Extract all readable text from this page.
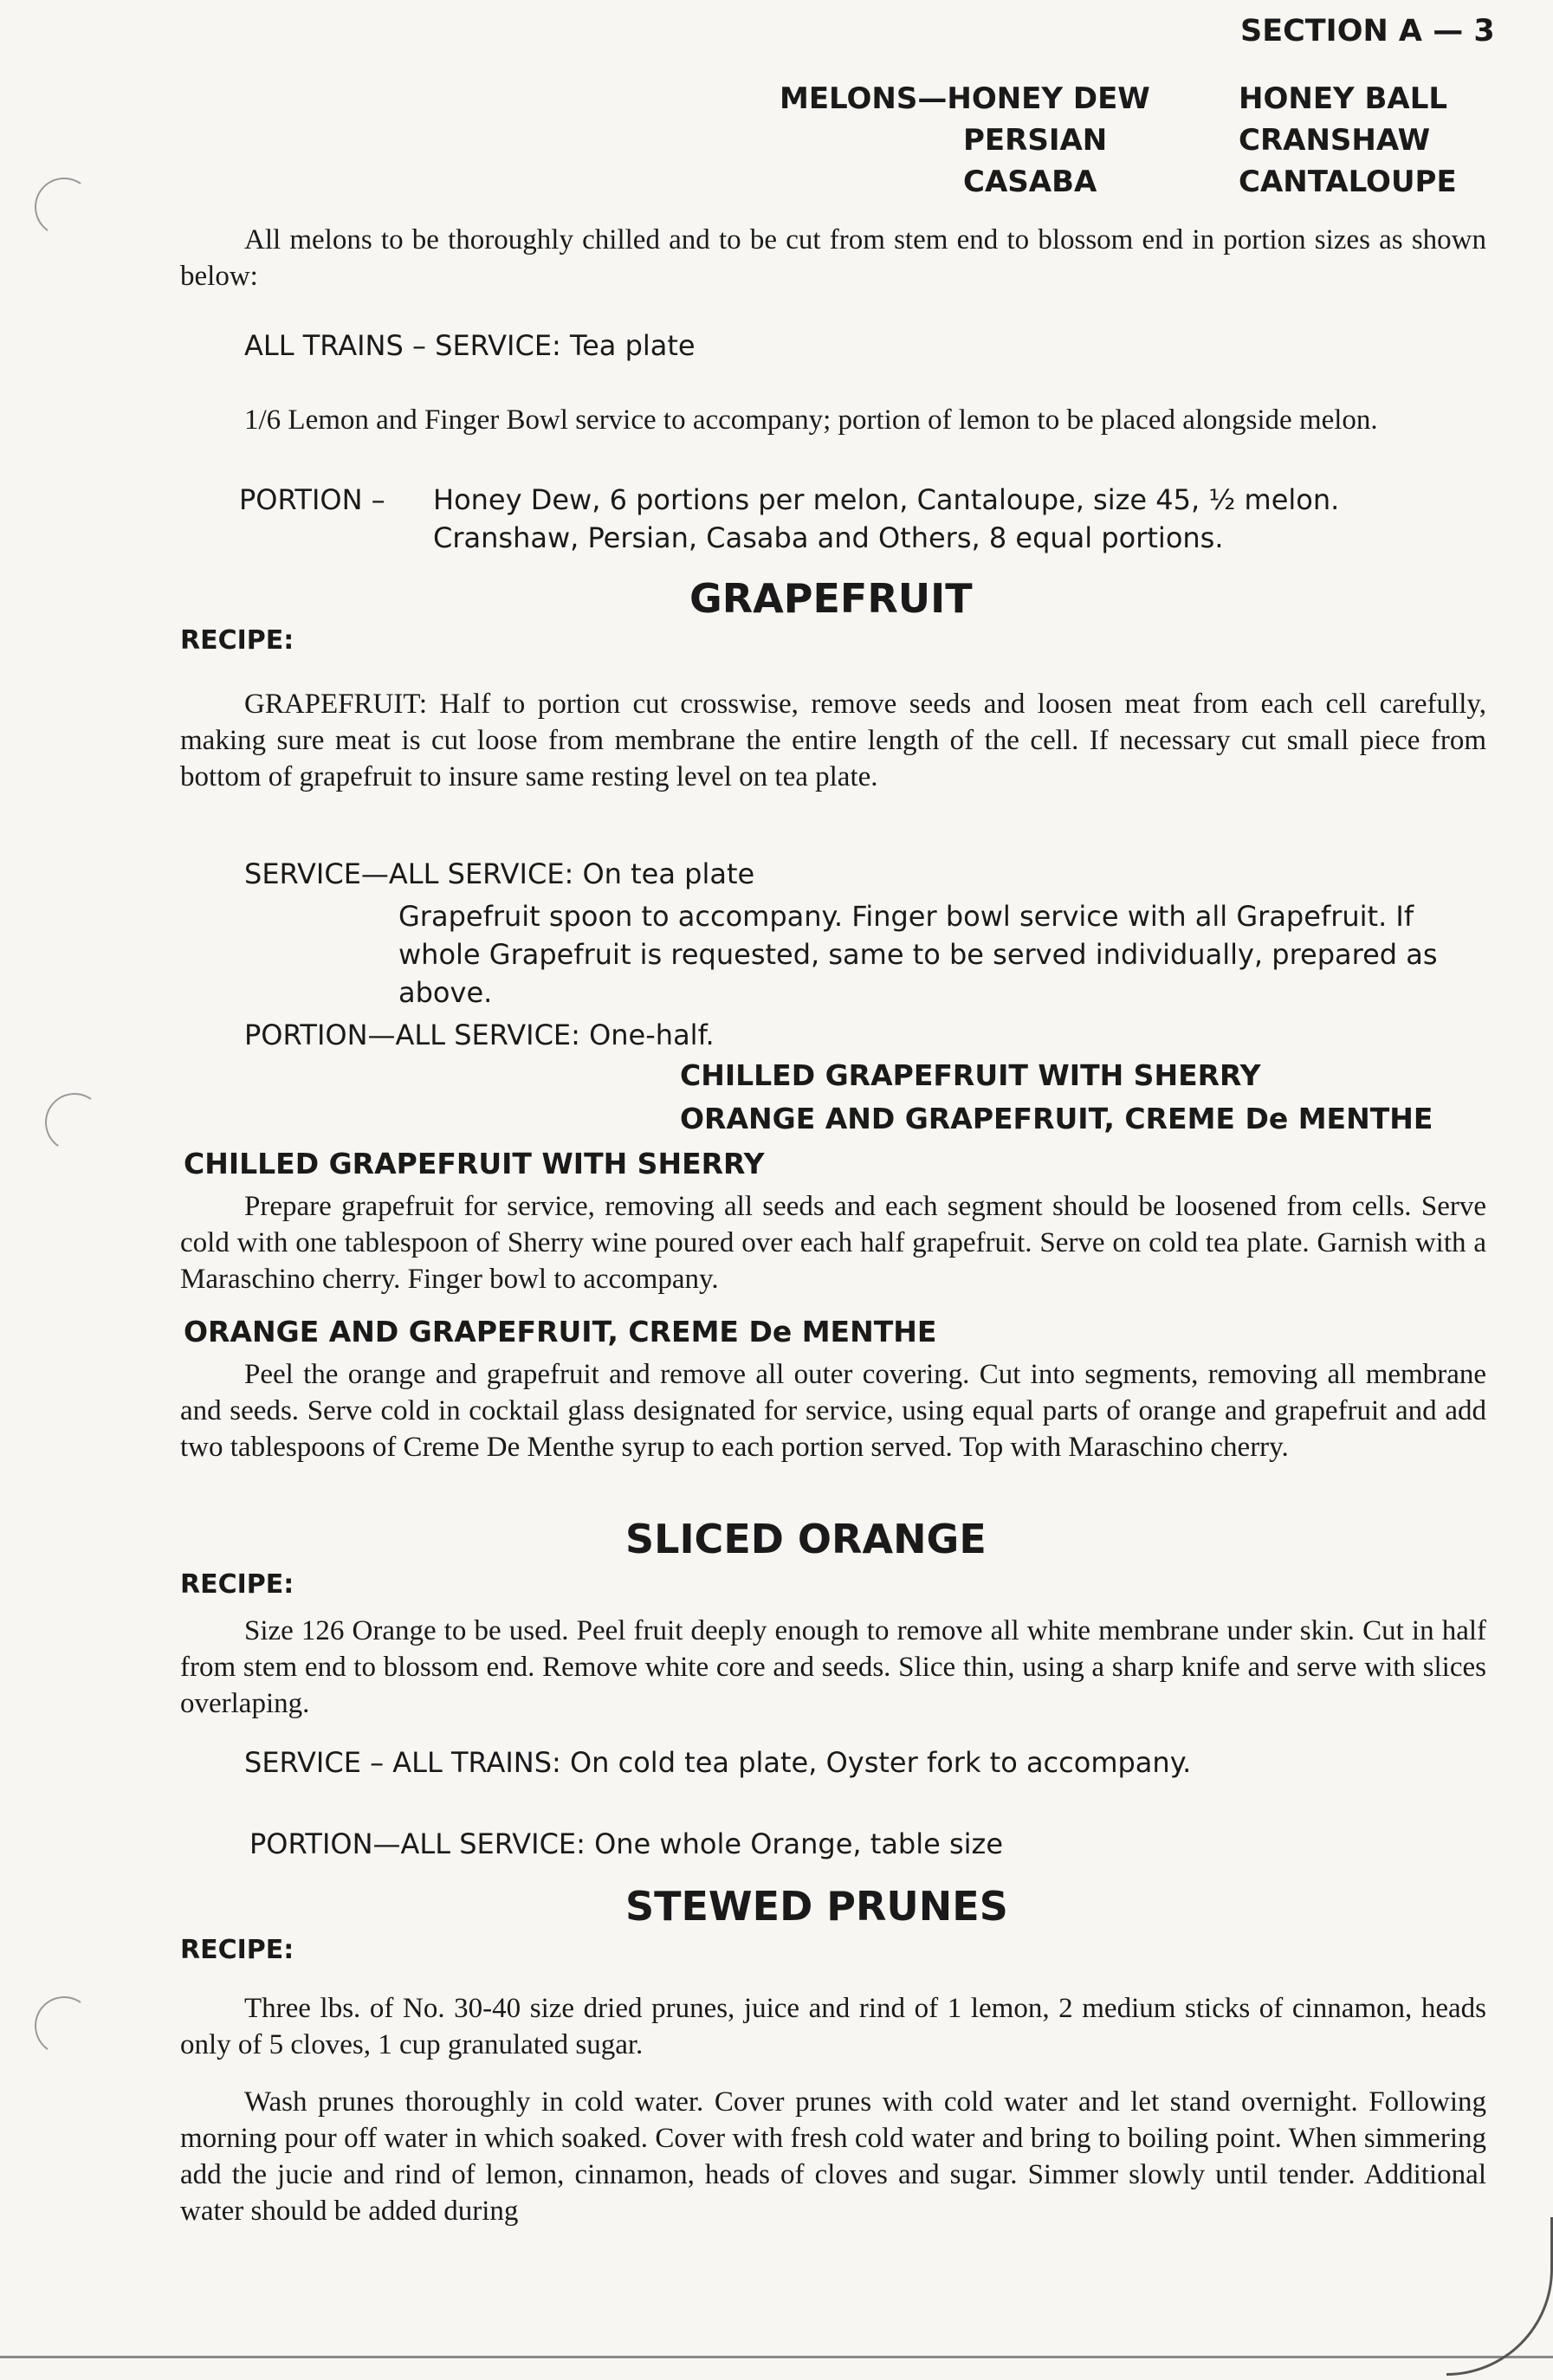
SECTION A — 3
MELONS—HONEY DEW
PERSIAN
CASABA
HONEY BALL
CRANSHAW
CANTALOUPE
All melons to be thoroughly chilled and to be cut from stem end to blossom end in portion sizes as shown below:
ALL TRAINS – SERVICE: Tea plate
1/6 Lemon and Finger Bowl service to accompany; portion of lemon to be placed alongside melon.
PORTION – Honey Dew, 6 portions per melon, Cantaloupe, size 45, ½ melon.
Cranshaw, Persian, Casaba and Others, 8 equal portions.
GRAPEFRUIT
RECIPE:
GRAPEFRUIT: Half to portion cut crosswise, remove seeds and loosen meat from each cell carefully, making sure meat is cut loose from membrane the entire length of the cell. If necessary cut small piece from bottom of grapefruit to insure same resting level on tea plate.
SERVICE—ALL SERVICE: On tea plate
Grapefruit spoon to accompany. Finger bowl service with all Grapefruit. If whole Grapefruit is requested, same to be served individually, prepared as above.
PORTION—ALL SERVICE: One-half.
CHILLED GRAPEFRUIT WITH SHERRY
ORANGE AND GRAPEFRUIT, CREME De MENTHE
CHILLED GRAPEFRUIT WITH SHERRY
Prepare grapefruit for service, removing all seeds and each segment should be loosened from cells. Serve cold with one tablespoon of Sherry wine poured over each half grapefruit. Serve on cold tea plate. Garnish with a Maraschino cherry. Finger bowl to accompany.
ORANGE AND GRAPEFRUIT, CREME De MENTHE
Peel the orange and grapefruit and remove all outer covering. Cut into segments, removing all membrane and seeds. Serve cold in cocktail glass designated for service, using equal parts of orange and grapefruit and add two tablespoons of Creme De Menthe syrup to each portion served. Top with Maraschino cherry.
SLICED ORANGE
RECIPE:
Size 126 Orange to be used. Peel fruit deeply enough to remove all white membrane under skin. Cut in half from stem end to blossom end. Remove white core and seeds. Slice thin, using a sharp knife and serve with slices overlaping.
SERVICE – ALL TRAINS: On cold tea plate, Oyster fork to accompany.
PORTION—ALL SERVICE: One whole Orange, table size
STEWED PRUNES
RECIPE:
Three lbs. of No. 30-40 size dried prunes, juice and rind of 1 lemon, 2 medium sticks of cinnamon, heads only of 5 cloves, 1 cup granulated sugar.
Wash prunes thoroughly in cold water. Cover prunes with cold water and let stand overnight. Following morning pour off water in which soaked. Cover with fresh cold water and bring to boiling point. When simmering add the jucie and rind of lemon, cinnamon, heads of cloves and sugar. Simmer slowly until tender. Additional water should be added during
